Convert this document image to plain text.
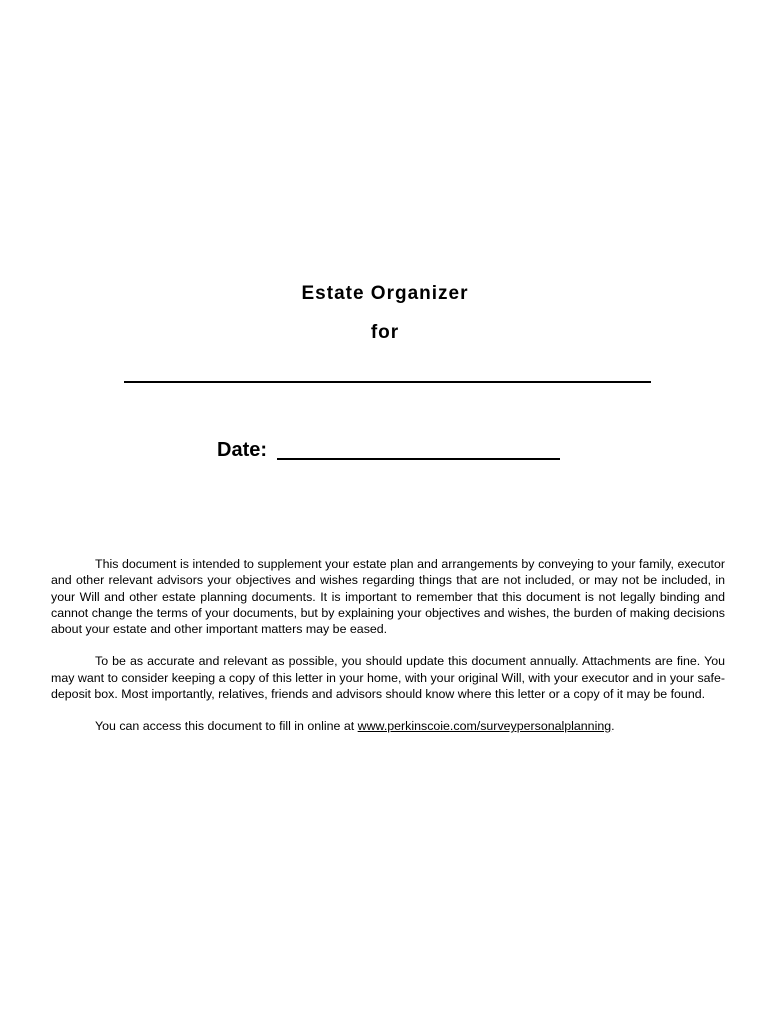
Estate Organizer
for
Date:

This document is intended to supplement your estate plan and arrangements by conveying to your family, executor and other relevant advisors your objectives and wishes regarding things that are not included, or may not be included, in your Will and other estate planning documents. It is important to remember that this document is not legally binding and cannot change the terms of your documents, but by explaining your objectives and wishes, the burden of making decisions about your estate and other important matters may be eased.

To be as accurate and relevant as possible, you should update this document annually. Attachments are fine. You may want to consider keeping a copy of this letter in your home, with your original Will, with your executor and in your safe-deposit box. Most importantly, relatives, friends and advisors should know where this letter or a copy of it may be found.

You can access this document to fill in online at www.perkinscoie.com/surveypersonalplanning.
